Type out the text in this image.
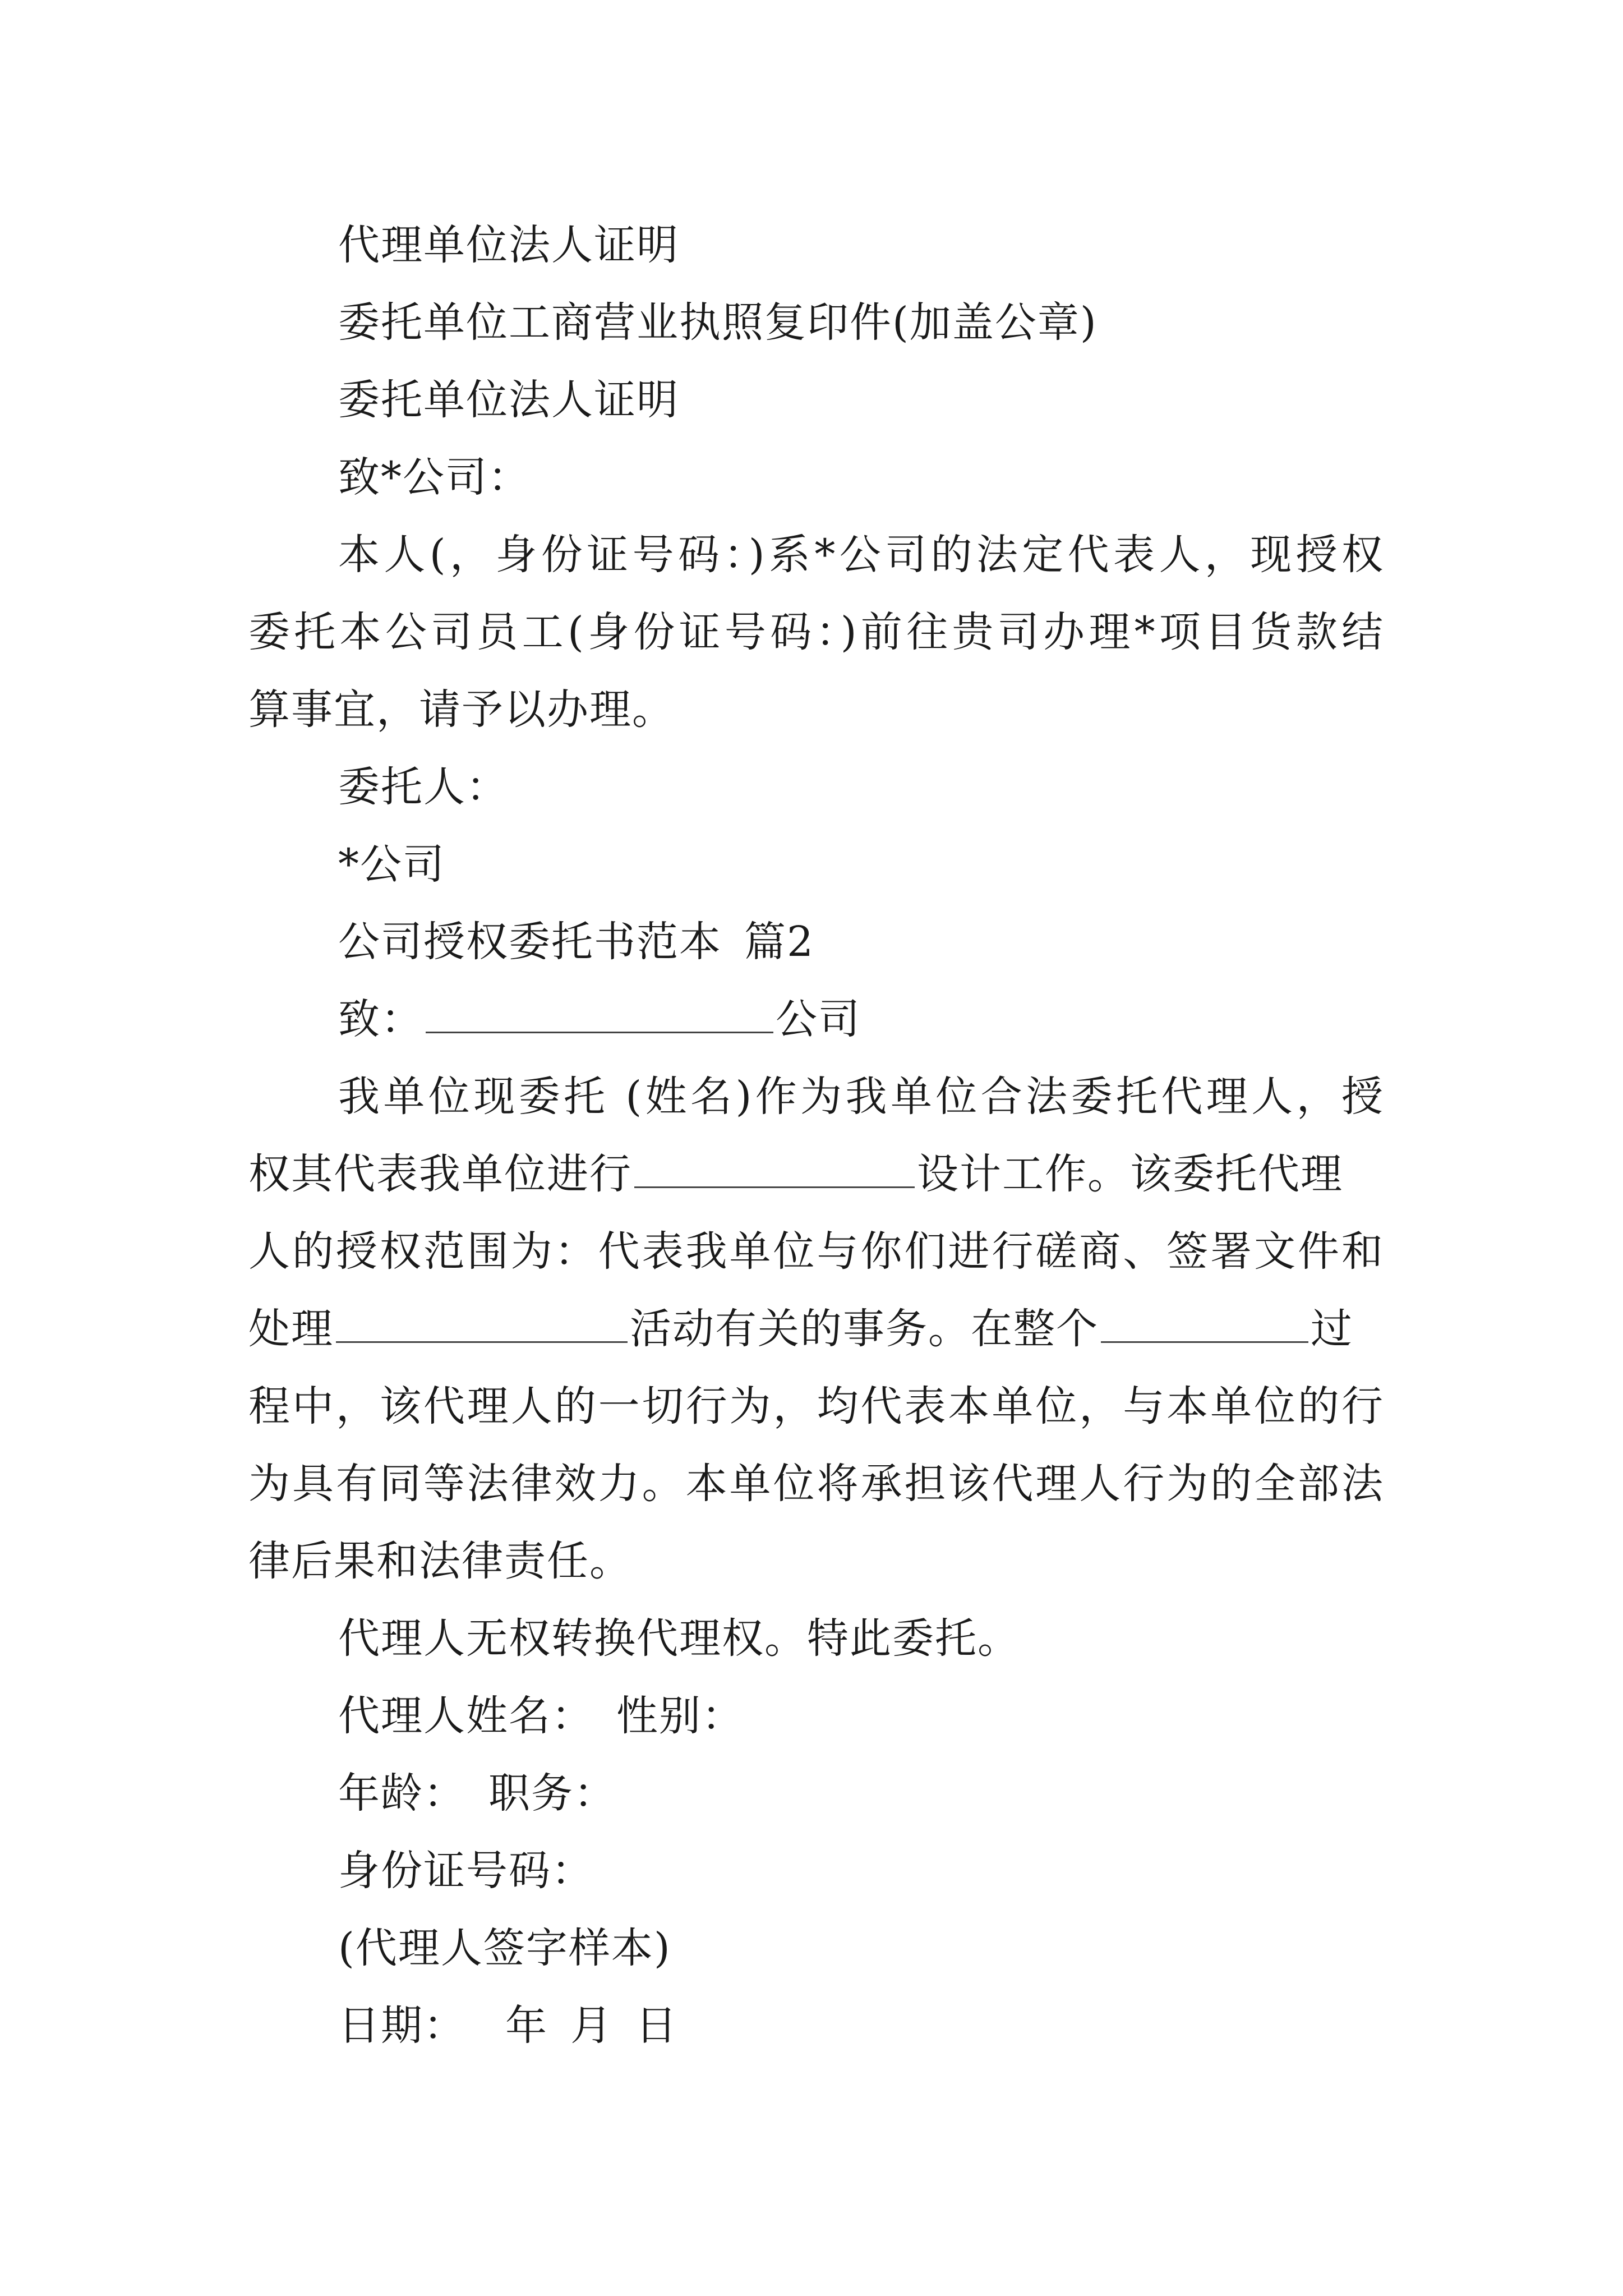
代理单位法人证明
委托单位工商营业执照复印件(加盖公章)
委托单位法人证明
致*公司：
本人(，身份证号码：)系*公司的法定代表人，现授权
委托本公司员工(身份证号码：)前往贵司办理*项目货款结
算事宜，请予以办理。
委托人：
*公司
公司授权委托书范本 篇2
致：	公司
我单位现委托 (姓名)作为我单位合法委托代理人，授
权其代表我单位进行	设计工作。该委托代理
人的授权范围为：代表我单位与你们进行磋商、签署文件和
处理	活动有关的事务。在整个	过
程中，该代理人的一切行为，均代表本单位，与本单位的行
为具有同等法律效力。本单位将承担该代理人行为的全部法
律后果和法律责任。
代理人无权转换代理权。特此委托。
代理人姓名： 性别：
年龄： 职务：
身份证号码：
(代理人签字样本)
日期： 年 月 日
